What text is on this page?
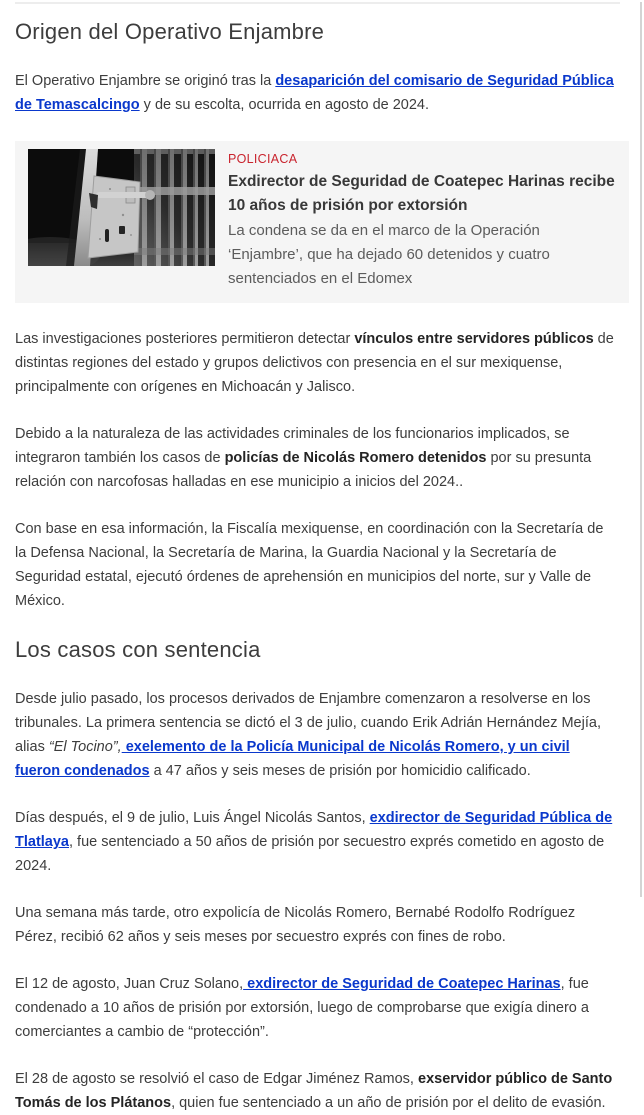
Origen del Operativo Enjambre

El Operativo Enjambre se originó tras la desaparición del comisario de Seguridad Pública de Temascalcingo y de su escolta, ocurrida en agosto de 2024.

POLICIACA
Exdirector de Seguridad de Coatepec Harinas recibe 10 años de prisión por extorsión
La condena se da en el marco de la Operación ‘Enjambre’, que ha dejado 60 detenidos y cuatro sentenciados en el Edomex

Las investigaciones posteriores permitieron detectar vínculos entre servidores públicos de distintas regiones del estado y grupos delictivos con presencia en el sur mexiquense, principalmente con orígenes en Michoacán y Jalisco.

Debido a la naturaleza de las actividades criminales de los funcionarios implicados, se integraron también los casos de policías de Nicolás Romero detenidos por su presunta relación con narcofosas halladas en ese municipio a inicios del 2024..

Con base en esa información, la Fiscalía mexiquense, en coordinación con la Secretaría de la Defensa Nacional, la Secretaría de Marina, la Guardia Nacional y la Secretaría de Seguridad estatal, ejecutó órdenes de aprehensión en municipios del norte, sur y Valle de México.

Los casos con sentencia

Desde julio pasado, los procesos derivados de Enjambre comenzaron a resolverse en los tribunales. La primera sentencia se dictó el 3 de julio, cuando Erik Adrián Hernández Mejía, alias “El Tocino”, exelemento de la Policía Municipal de Nicolás Romero, y un civil fueron condenados a 47 años y seis meses de prisión por homicidio calificado.

Días después, el 9 de julio, Luis Ángel Nicolás Santos, exdirector de Seguridad Pública de Tlatlaya, fue sentenciado a 50 años de prisión por secuestro exprés cometido en agosto de 2024.

Una semana más tarde, otro expolicía de Nicolás Romero, Bernabé Rodolfo Rodríguez Pérez, recibió 62 años y seis meses por secuestro exprés con fines de robo.

El 12 de agosto, Juan Cruz Solano, exdirector de Seguridad de Coatepec Harinas, fue condenado a 10 años de prisión por extorsión, luego de comprobarse que exigía dinero a comerciantes a cambio de “protección”.

El 28 de agosto se resolvió el caso de Edgar Jiménez Ramos, exservidor público de Santo Tomás de los Plátanos, quien fue sentenciado a un año de prisión por el delito de evasión.
